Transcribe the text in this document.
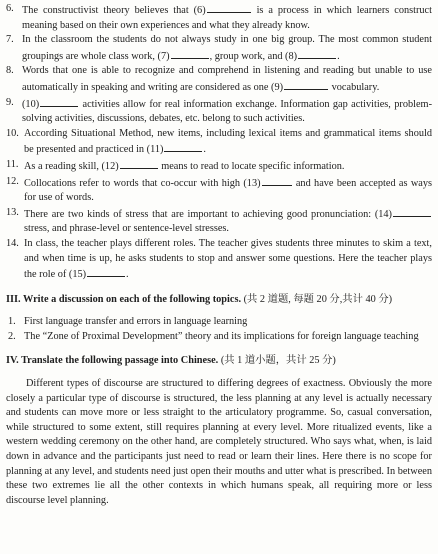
6. The constructivist theory believes that (6)	is a process in which learners construct meaning based on their own experiences and what they already know.
7. In the classroom the students do not always study in one big group. The most common student groupings are whole class work, (7)	, group work, and (8)	.
8. Words that one is able to recognize and comprehend in listening and reading but unable to use automatically in speaking and writing are considered as one (9)	vocabulary.
9. (10)	activities allow for real information exchange. Information gap activities, problem-solving activities, discussions, debates, etc. belong to such activities.
10. According Situational Method, new items, including lexical items and grammatical items should be presented and practiced in (11)	.
11. As a reading skill, (12)	means to read to locate specific information.
12. Collocations refer to words that co-occur with high (13)	and have been accepted as ways for use of words.
13. There are two kinds of stress that are important to achieving good pronunciation: (14) stress, and phrase-level or sentence-level stresses.
14. In class, the teacher plays different roles. The teacher gives students three minutes to skim a text, and when time is up, he asks students to stop and answer some questions. Here the teacher plays the role of (15)	.
III. Write a discussion on each of the following topics. (共 2 道题, 每题 20 分,共计 40 分)
1. First language transfer and errors in language learning
2. The “Zone of Proximal Development” theory and its implications for foreign language teaching
IV. Translate the following passage into Chinese. (共 1 道小题，共计 25 分)

Different types of discourse are structured to differing degrees of exactness. Obviously the more closely a particular type of discourse is structured, the less planning at any level is actually necessary and students can move more or less straight to the articulatory programme. So, casual conversation, while structured to some extent, still requires planning at every level. More ritualized events, like a western wedding ceremony on the other hand, are completely structured. Who says what, when, is laid down in advance and the participants just need to read or learn their lines. Here there is no scope for planning at any level, and students need just open their mouths and utter what is prescribed. In between these two extremes lie all the other contexts in which humans speak, all requiring more or less discourse level planning.
